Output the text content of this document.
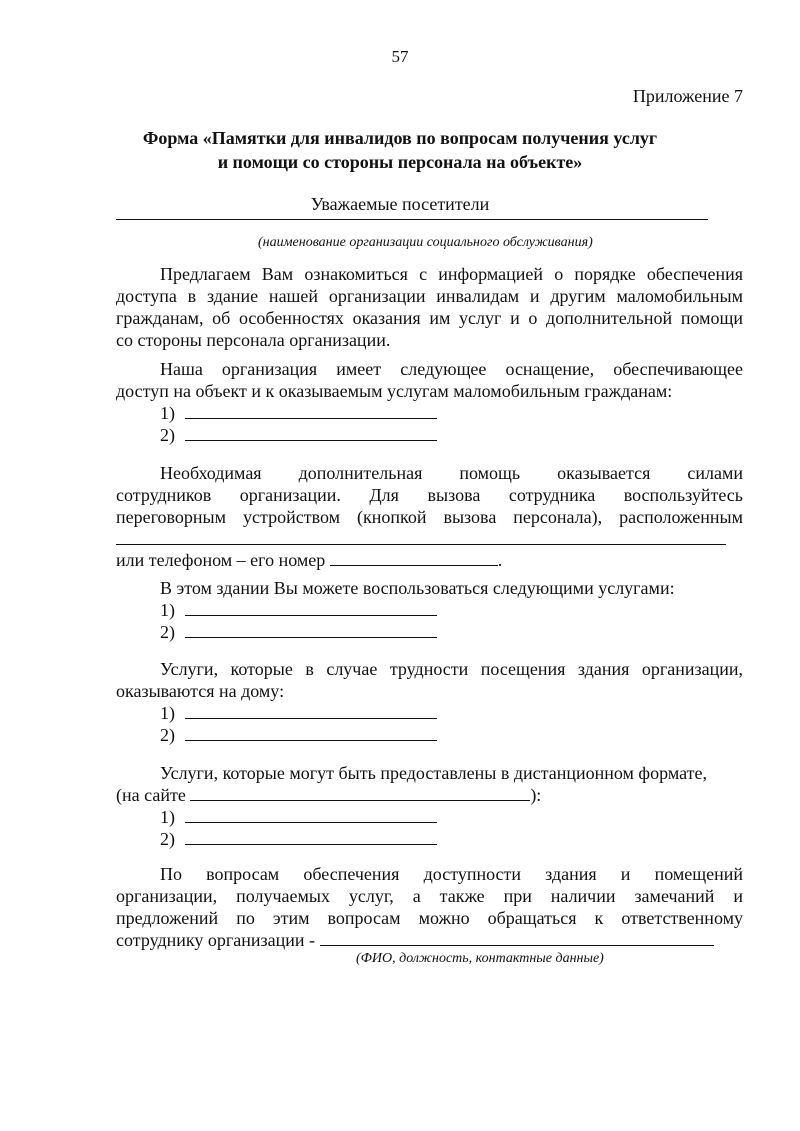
57
Приложение 7
Форма «Памятки для инвалидов по вопросам получения услуг
и помощи со стороны персонала на объекте»
Уважаемые посетители
(наименование организации социального обслуживания)
Предлагаем Вам ознакомиться с информацией о порядке обеспечения
доступа в здание нашей организации инвалидам и другим маломобильным
гражданам, об особенностях оказания им услуг и о дополнительной помощи
со стороны персонала организации.
Наша организация имеет следующее оснащение, обеспечивающее
доступ на объект и к оказываемым услугам маломобильным гражданам:
1)
2)
Необходимая дополнительная помощь оказывается силами
сотрудников организации. Для вызова сотрудника воспользуйтесь
переговорным устройством (кнопкой вызова персонала), расположенным
или телефоном – его номер	.
В этом здании Вы можете воспользоваться следующими услугами:
1)
2)
Услуги, которые в случае трудности посещения здания организации,
оказываются на дому:
1)
2)
Услуги, которые могут быть предоставлены в дистанционном формате,
(на сайте	):
1)
2)
По вопросам обеспечения доступности здания и помещений
организации, получаемых услуг, а также при наличии замечаний и
предложений по этим вопросам можно обращаться к ответственному
сотруднику организации -
(ФИО, должность, контактные данные)
